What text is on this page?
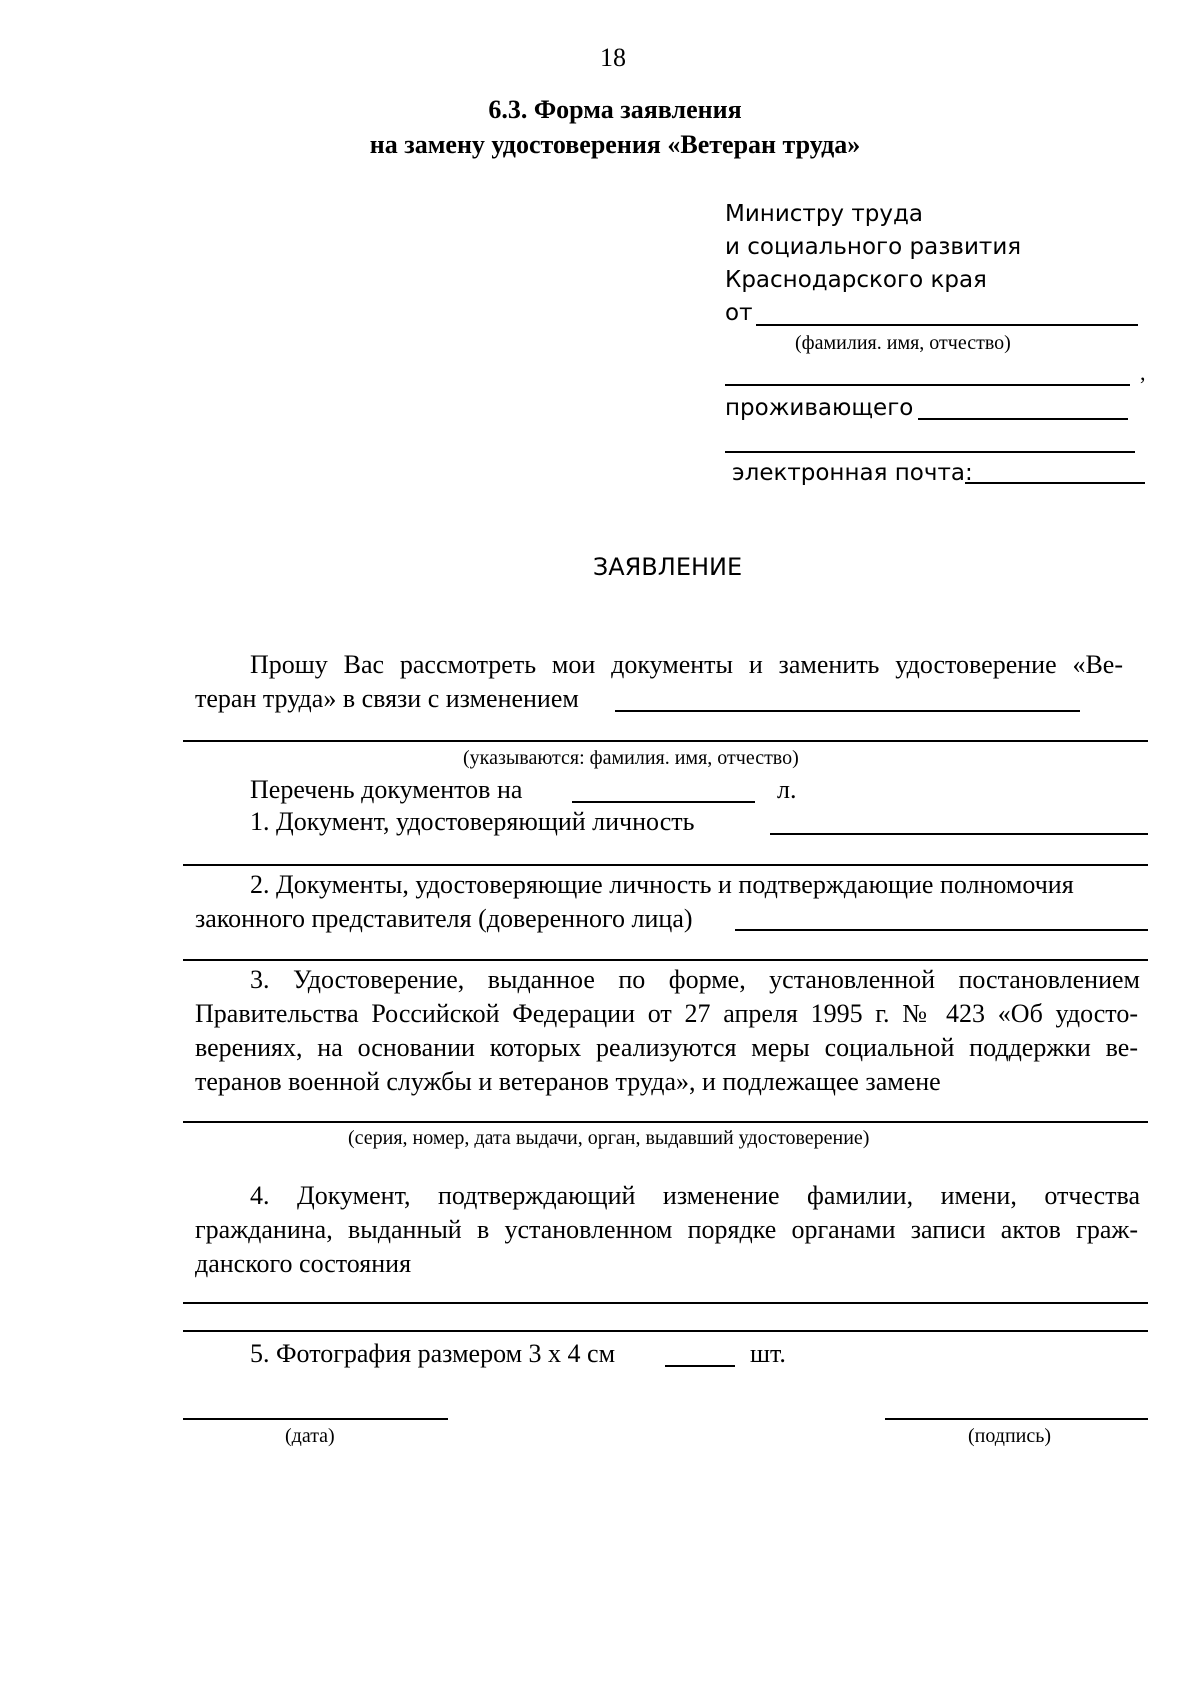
18
6.3. Форма заявления
на замену удостоверения «Ветеран труда»
Министру труда
и социального развития
Краснодарского края
от
(фамилия. имя, отчество)
,
проживающего
электронная почта:
ЗАЯВЛЕНИЕ
Прошу Вас рассмотреть мои документы и заменить удостоверение «Ве-
теран труда» в связи с изменением
(указываются: фамилия. имя, отчество)
Перечень документов на	л.
1. Документ, удостоверяющий личность
2. Документы, удостоверяющие личность и подтверждающие полномочия
законного представителя (доверенного лица)
3. Удостоверение, выданное по форме, установленной постановлением
Правительства Российской Федерации от 27 апреля 1995 г. № 423 «Об удосто-
верениях, на основании которых реализуются меры социальной поддержки ве-
теранов военной службы и ветеранов труда», и подлежащее замене
(серия, номер, дата выдачи, орган, выдавший удостоверение)
4. Документ, подтверждающий изменение фамилии, имени, отчества
гражданина, выданный в установленном порядке органами записи актов граж-
данского состояния
5. Фотография размером 3 х 4 см	шт.
(дата)	(подпись)
